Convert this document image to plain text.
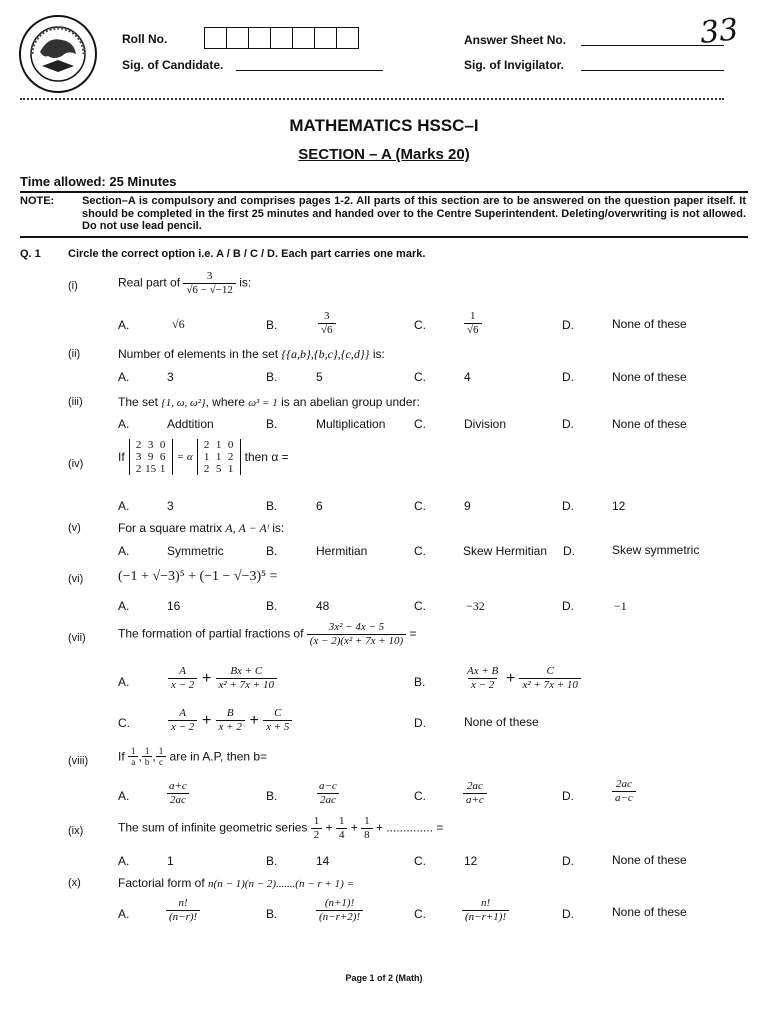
Roll No.
Sig. of Candidate.
Answer Sheet No.	33
Sig. of Invigilator.
MATHEMATICS HSSC–I
SECTION – A (Marks 20)
Time allowed: 25 Minutes
NOTE:	Section–A is compulsory and comprises pages 1-2. All parts of this section are to be answered on the question paper itself. It should be completed in the first 25 minutes and handed over to the Centre Superintendent. Deleting/overwriting is not allowed. Do not use lead pencil.
Q. 1 Circle the correct option i.e. A / B / C / D. Each part carries one mark.
(i)	Real part of $\frac{3}{√6 - √-12}$ is:
A.	√6	B.	$\frac{3}{√6}$	C.	$\frac{1}{√6}$	D.	None of these
(ii)	Number of elements in the set {{a,b},{b,c},{c,d}} is:
A.	3	B.	5	C.	4	D.	None of these
(iii)	The set {1, ω, ω²}, where ω³ = 1 is an abelian group under:
A.	Addtition	B.	Multiplication C.	Division	D.	None of these
(iv)	If
2 3 0
3 9 6
2 15 1
= α
2 1 0
1 1 2
2 5 1
then α =
A.	3	B.	6	C.	9	D.	12
(v)	For a square matrix A, A − Aᵗ is:
A.	Symmetric	B.	Hermitian	C.	Skew Hermitian D.	Skew symmetric
(vi) (−1 + √−3)⁵ + (−1 − √−3)⁵ =
A.	16	B.	48	C.	−32	D.	−1
(vii)	The formation of partial fractions of $\frac{\text{3x² − 4x − 5}}{\text{(x − 2)(x² + 7x + 10)}}$ =
A.	$\frac{A}{x - 2} + \frac{Bx + C}{\text{x² + 7x + 10}}$	B.	$\frac{Ax + B}{x - 2} + \frac{C}{\text{x² + 7x + 10}}$
C.	$\frac{A}{x - 2} + \frac{B}{x + 2} + \frac{C}{x + 5}$	D.	None of these
(viii) If $\frac{1}{a}$ , $\frac{1}{b}$ , $\frac{1}{c}$ are in A.P, then b=
A.	$\frac{a+c}{2ac}$	B.	$\frac{a-c}{2ac}$	C.	$\frac{2ac}{a+c}$	D.	$\frac{2ac}{a-c}$
(ix)	The sum of infinite geometric series $\frac{1}{2} + \frac{1}{4} + \frac{1}{8}$ + .............. =
A.	1	B.	14	C.	12	D.	None of these
(x)	Factorial form of n(n − 1)(n − 2).......(n − r + 1) =
A.	$\frac{n!}{(n-r)!}$	B.	$\frac{(n+1)!}{(n-r+2)!}$	C.	$\frac{n!}{(n-r+1)!}$	D.	None of these
Page 1 of 2 (Math)
